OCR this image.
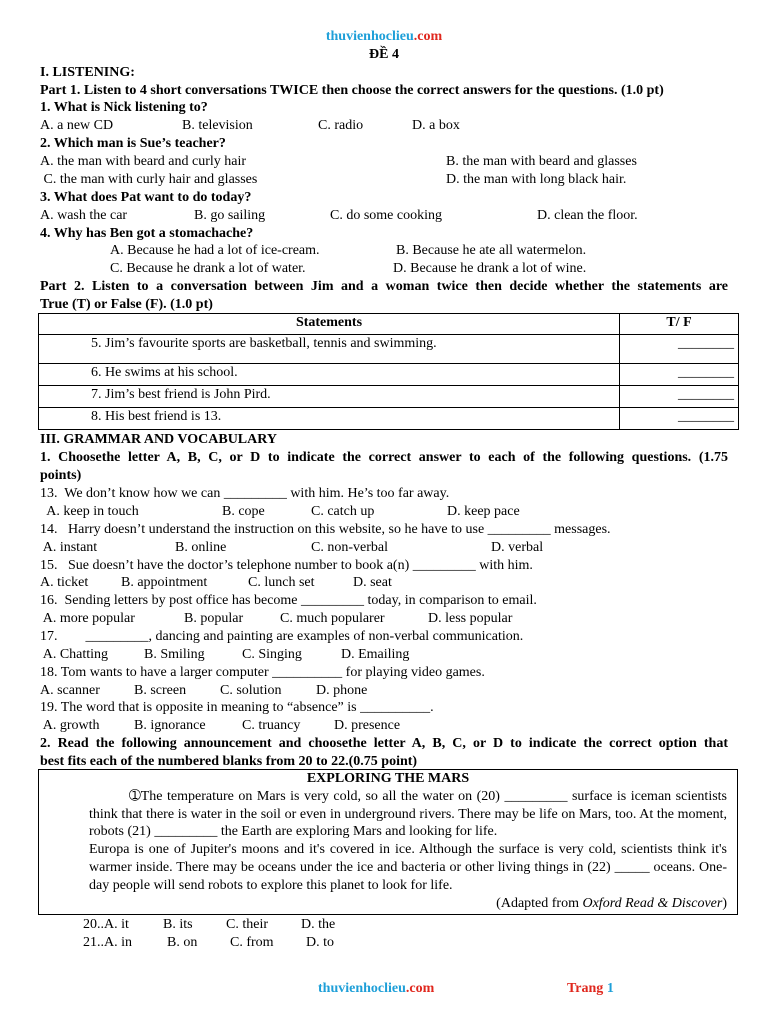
thuvienhoclieu.com
ĐỀ 4
I. LISTENING:
Part 1. Listen to 4 short conversations TWICE then choose the correct answers for the questions. (1.0 pt)
1. What is Nick listening to?
A. a new CD	B. television	C. radio	D. a box
2. Which man is Sue’s teacher?
A. the man with beard and curly hair	B. the man with beard and glasses
C. the man with curly hair and glasses	D. the man with long black hair.
3. What does Pat want to do today?
A. wash the car	B. go sailing	C. do some cooking	D. clean the floor.
4. Why has Ben got a stomachache?
A. Because he had a lot of ice-cream.	B. Because he ate all watermelon.
C. Because he drank a lot of water.	D. Because he drank a lot of wine.
Part 2. Listen to a conversation between Jim and a woman twice then decide whether the statements are
True (T) or False (F). (1.0 pt)
Statements	T/ F
5. Jim’s favourite sports are basketball, tennis and swimming.	________
6. He swims at his school.	________
7. Jim’s best friend is John Pird.	________
8. His best friend is 13.	________
III. GRAMMAR AND VOCABULARY
1. Choosethe letter A, B, C, or D to indicate the correct answer to each of the following questions. (1.75
points)
13.  We don’t know how we can _________ with him. He’s too far away.
A. keep in touch	B. cope	C. catch up	D. keep pace
14.   Harry doesn’t understand the instruction on this website, so he have to use _________ messages.
A. instant	B. online	C. non-verbal	D. verbal
15.   Sue doesn’t have the doctor’s telephone number to book a(n) _________ with him.
A. ticket B. appointment	C. lunch set	D. seat
16.  Sending letters by post office has become _________ today, in comparison to email.
A. more popular	B. popular	C. much popularer	D. less popular
17.        _________, dancing and painting are examples of non-verbal communication.
A. Chatting	B. Smiling	C. Singing	D. Emailing
18. Tom wants to have a larger computer __________ for playing video games.
A. scanner B. screen C. solution D. phone
19. The word that is opposite in meaning to “absence” is __________.
A. growth B. ignorance	C. truancy D. presence
2. Read the following announcement and choosethe letter A, B, C, or D to indicate the correct option that
best fits each of the numbered blanks from 20 to 22.(0.75 point)

EXPLORING THE MARS

➀The temperature on Mars is very cold, so all the water on (20) _________ surface is iceman scientists think that there is water in the soil or even in underground rivers. There may be life on Mars, too. At the moment, robots (21) _________ the Earth are exploring Mars and looking for life.

Europa is one of Jupiter's moons and it's covered in ice. Although the surface is very cold, scientists think it's warmer inside. There may be oceans under the ice and bacteria or other living things in (22) _____ oceans. One-day people will send robots to explore this planet to look for life.

(Adapted from Oxford Read & Discover)

20..A. it B. its C. their D. the
21..A. in	B. on C. from D. to
thuvienhoclieu.com	Trang 1
